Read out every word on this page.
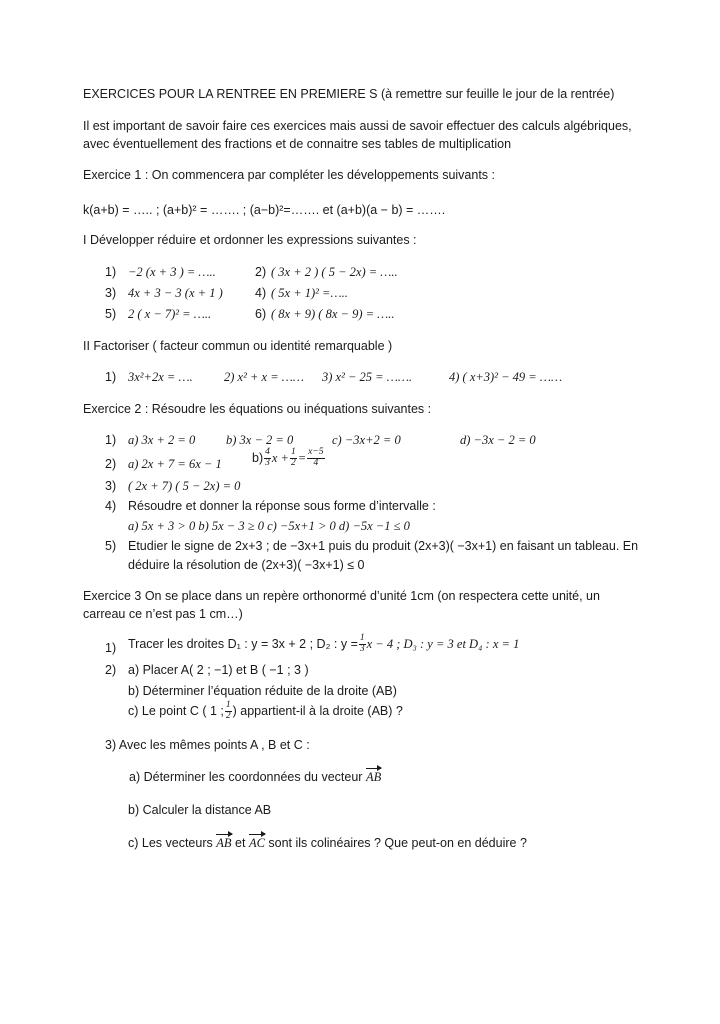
EXERCICES POUR LA RENTREE EN PREMIERE S (à remettre sur feuille le jour de la rentrée)
Il est important de savoir faire ces exercices mais aussi de savoir effectuer des calculs algébriques,
avec éventuellement des fractions et de connaitre ses tables de multiplication
Exercice 1 : On commencera par compléter les développements suivants :
k(a+b) = ….. ; (a+b)² = ……. ; (a−b)²=……. et (a+b)(a − b) = …….
I Développer réduire et ordonner les expressions suivantes :
1) −2 (x + 3 ) = …..	2) ( 3x + 2 ) ( 5 − 2x) = …..
3) 4x + 3 − 3 (x + 1 )	4) ( 5x + 1)² =…..
5) 2 ( x − 7)² = …..	6) ( 8x + 9) ( 8x − 9) = …..
II Factoriser ( facteur commun ou identité remarquable )
1) 3x²+2x = ….	2) x² + x = …… 3) x² − 25 = …….	4) ( x+3)² − 49 = ……
Exercice 2 : Résoudre les équations ou inéquations suivantes :
1) a) 3x + 2 = 0 b) 3x − 2 = 0	c) −3x+2 = 0	d) −3x − 2 = 0
2) a) 2x + 7 = 6x − 1 $b) \frac{4}{3}$ $x + \frac{1}{2} = \frac{x-5}{4}$
3) ( 2x + 7) ( 5 − 2x) = 0
4) Résoudre et donner la réponse sous forme d’intervalle :
a) 5x + 3 > 0 b) 5x − 3 ≥ 0 c) −5x+1 > 0 d) −5x −1 ≤ 0
5) Etudier le signe de 2x+3 ; de −3x+1 puis du produit (2x+3)( −3x+1) en faisant un tableau. En
déduire la résolution de (2x+3)( −3x+1) ≤ 0
Exercice 3 On se place dans un repère orthonormé d’unité 1cm (on respectera cette unité, un
carreau ce n’est pas 1 cm…)
1) Tracer les droites D₁ : y = 3x + 2 ; D₂ : $y = \frac{1}{3}$ x − 4 ; D₃ : y = 3 et D₄ : x = 1
2) a) Placer A( 2 ; −1) et B ( −1 ; 3 )
b) Déterminer l’équation réduite de la droite (AB)
c) Le point C ( 1 ; $\frac{1}{2}$ ) appartient-il à la droite (AB) ?
3) Avec les mêmes points A , B et C :
a) Déterminer les coordonnées du vecteur AB
b) Calculer la distance AB
c) Les vecteurs AB et AC sont ils colinéaires ? Que peut-on en déduire ?
